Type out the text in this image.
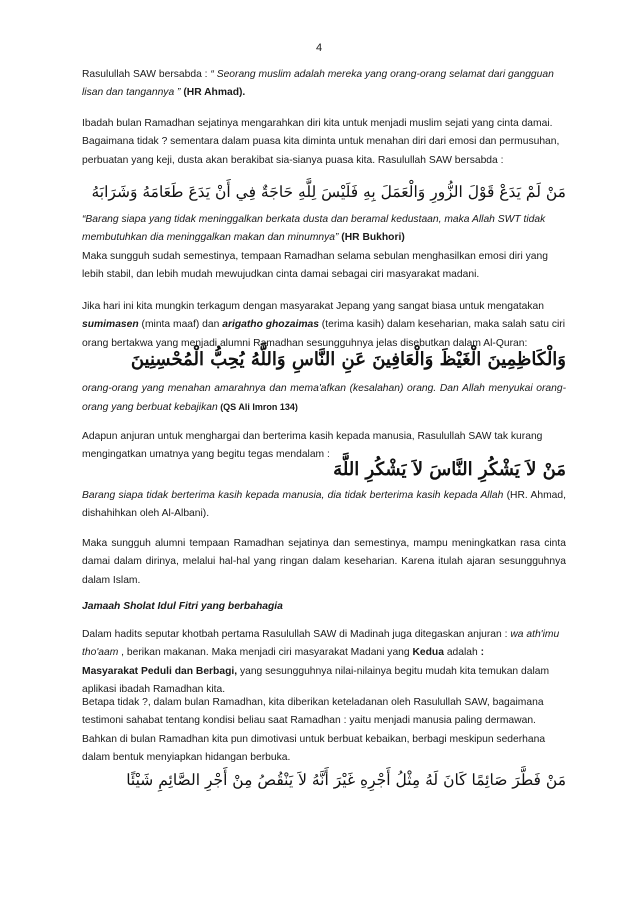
4

Rasulullah SAW bersabda : “ Seorang muslim adalah mereka yang orang-orang selamat dari gangguan lisan dan tangannya ” (HR Ahmad).

Ibadah bulan Ramadhan sejatinya mengarahkan diri kita untuk menjadi muslim sejati yang cinta damai. Bagaimana tidak ? sementara dalam puasa kita diminta untuk menahan diri dari emosi dan permusuhan, perbuatan yang keji, dusta akan berakibat sia-sianya puasa kita. Rasulullah SAW bersabda :

مَنْ لَمْ يَدَعْ قَوْلَ الزُّورِ وَالْعَمَلَ بِهِ فَلَيْسَ لِلَّهِ حَاجَةٌ فِي أَنْ يَدَعَ طَعَامَهُ وَشَرَابَهُ

“Barang siapa yang tidak meninggalkan berkata dusta dan beramal kedustaan, maka Allah SWT tidak membutuhkan dia meninggalkan makan dan minumnya” (HR Bukhori)
Maka sungguh sudah semestinya, tempaan Ramadhan selama sebulan menghasilkan emosi diri yang lebih stabil, dan lebih mudah mewujudkan cinta damai sebagai ciri masyarakat madani.

Jika hari ini kita mungkin terkagum dengan masyarakat Jepang yang sangat biasa untuk mengatakan sumimasen (minta maaf) dan arigatho ghozaimas (terima kasih) dalam keseharian, maka salah satu ciri orang bertakwa yang menjadi alumni Ramadhan sesungguhnya jelas disebutkan dalam Al-Quran:

وَالْكَاظِمِينَ الْغَيْظَ وَالْعَافِينَ عَنِ النَّاسِ وَاللَّهُ يُحِبُّ الْمُحْسِنِينَ

orang-orang yang menahan amarahnya dan mema'afkan (kesalahan) orang. Dan Allah menyukai orang-orang yang berbuat kebajikan (QS Ali Imron 134)

Adapun anjuran untuk menghargai dan berterima kasih kepada manusia, Rasulullah SAW tak kurang mengingatkan umatnya yang begitu tegas mendalam :

مَنْ لاَ يَشْكُرِ النَّاسَ لاَ يَشْكُرِ اللَّهَ

Barang siapa tidak berterima kasih kepada manusia, dia tidak berterima kasih kepada Allah (HR. Ahmad, dishahihkan oleh Al-Albani).

Maka sungguh alumni tempaan Ramadhan sejatinya dan semestinya, mampu meningkatkan rasa cinta damai dalam dirinya, melalui hal-hal yang ringan dalam keseharian. Karena itulah ajaran sesungguhnya dalam Islam.

Jamaah Sholat Idul Fitri yang berbahagia

Dalam hadits seputar khotbah pertama Rasulullah SAW di Madinah juga ditegaskan anjuran : wa ath'imu tho'aam , berikan makanan. Maka menjadi ciri masyarakat Madani yang Kedua adalah :
Masyarakat Peduli dan Berbagi, yang sesungguhnya nilai-nilainya begitu mudah kita temukan dalam aplikasi ibadah Ramadhan kita.

Betapa tidak ?, dalam bulan Ramadhan, kita diberikan keteladanan oleh Rasulullah SAW, bagaimana testimoni sahabat tentang kondisi beliau saat Ramadhan : yaitu menjadi manusia paling dermawan. Bahkan di bulan Ramadhan kita pun dimotivasi untuk berbuat kebaikan, berbagi meskipun sederhana dalam bentuk menyiapkan hidangan berbuka.

مَنْ فَطَّرَ صَائِمًا كَانَ لَهُ مِثْلُ أَجْرِهِ غَيْرَ أَنَّهُ لاَ يَنْقُصُ مِنْ أَجْرِ الصَّائِمِ شَيْئًا
